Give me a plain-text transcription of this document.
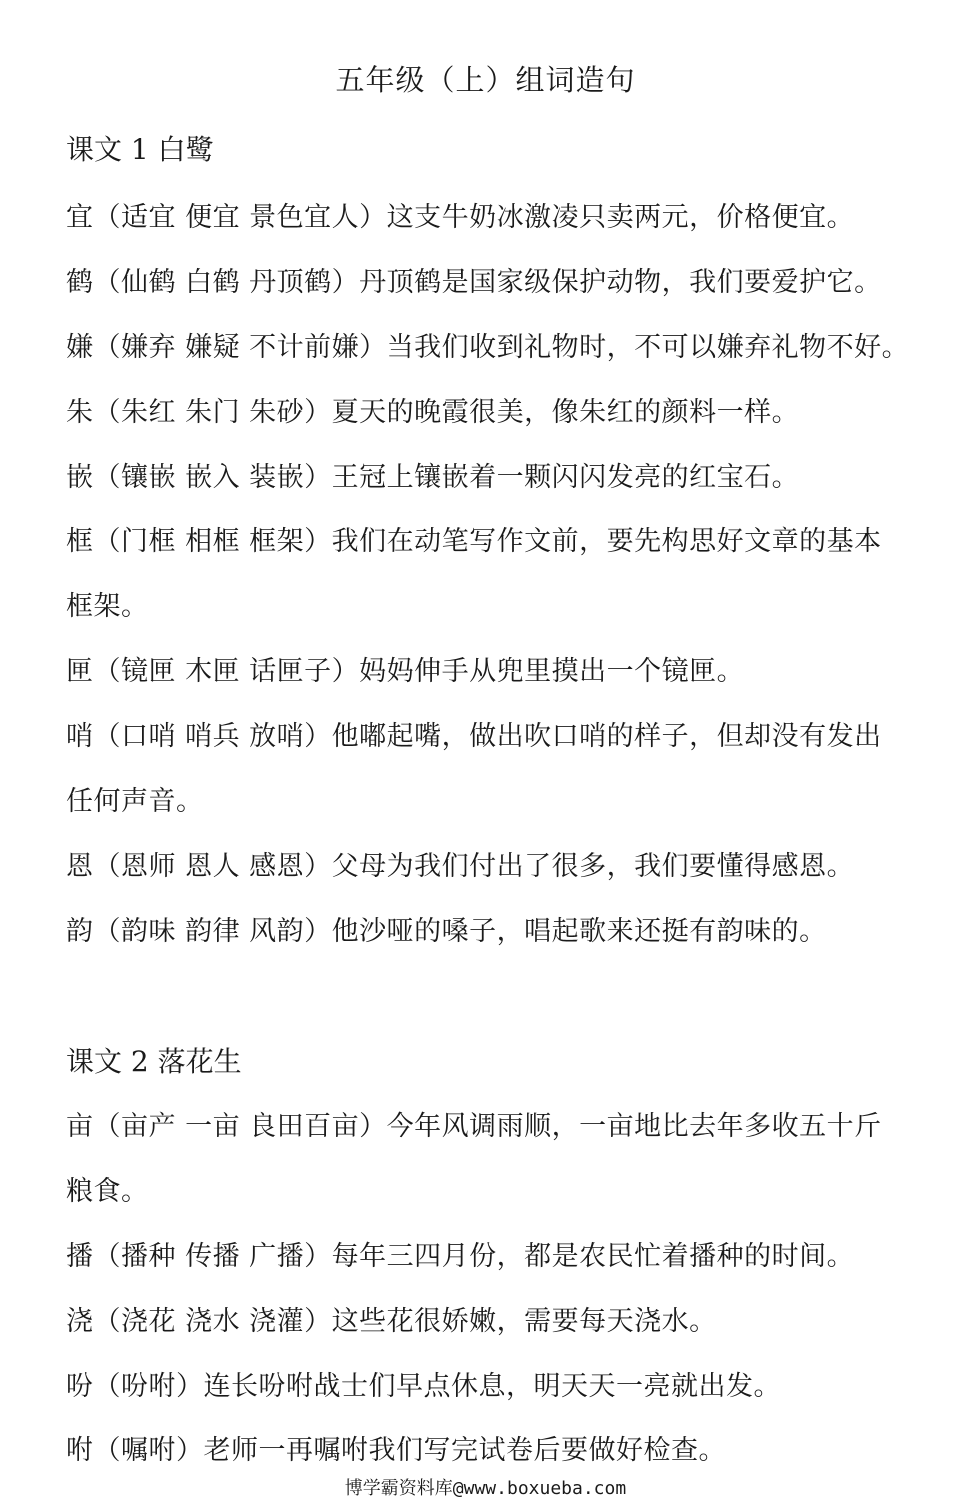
五年级（上）组词造句
课文 1 白鹭
宜（适宜 便宜 景色宜人）这支牛奶冰激凌只卖两元，价格便宜。
鹤（仙鹤 白鹤 丹顶鹤）丹顶鹤是国家级保护动物，我们要爱护它。
嫌（嫌弃 嫌疑 不计前嫌）当我们收到礼物时，不可以嫌弃礼物不好。
朱（朱红 朱门 朱砂）夏天的晚霞很美，像朱红的颜料一样。
嵌（镶嵌 嵌入 装嵌）王冠上镶嵌着一颗闪闪发亮的红宝石。
框（门框 相框 框架）我们在动笔写作文前，要先构思好文章的基本
框架。
匣（镜匣 木匣 话匣子）妈妈伸手从兜里摸出一个镜匣。
哨（口哨 哨兵 放哨）他嘟起嘴，做出吹口哨的样子，但却没有发出
任何声音。
恩（恩师 恩人 感恩）父母为我们付出了很多，我们要懂得感恩。
韵（韵味 韵律 风韵）他沙哑的嗓子，唱起歌来还挺有韵味的。
课文 2 落花生
亩（亩产 一亩 良田百亩）今年风调雨顺，一亩地比去年多收五十斤
粮食。
播（播种 传播 广播）每年三四月份，都是农民忙着播种的时间。
浇（浇花 浇水 浇灌）这些花很娇嫩，需要每天浇水。
吩（吩咐）连长吩咐战士们早点休息，明天天一亮就出发。
咐（嘱咐）老师一再嘱咐我们写完试卷后要做好检查。
博学霸资料库@www.boxueba.com
